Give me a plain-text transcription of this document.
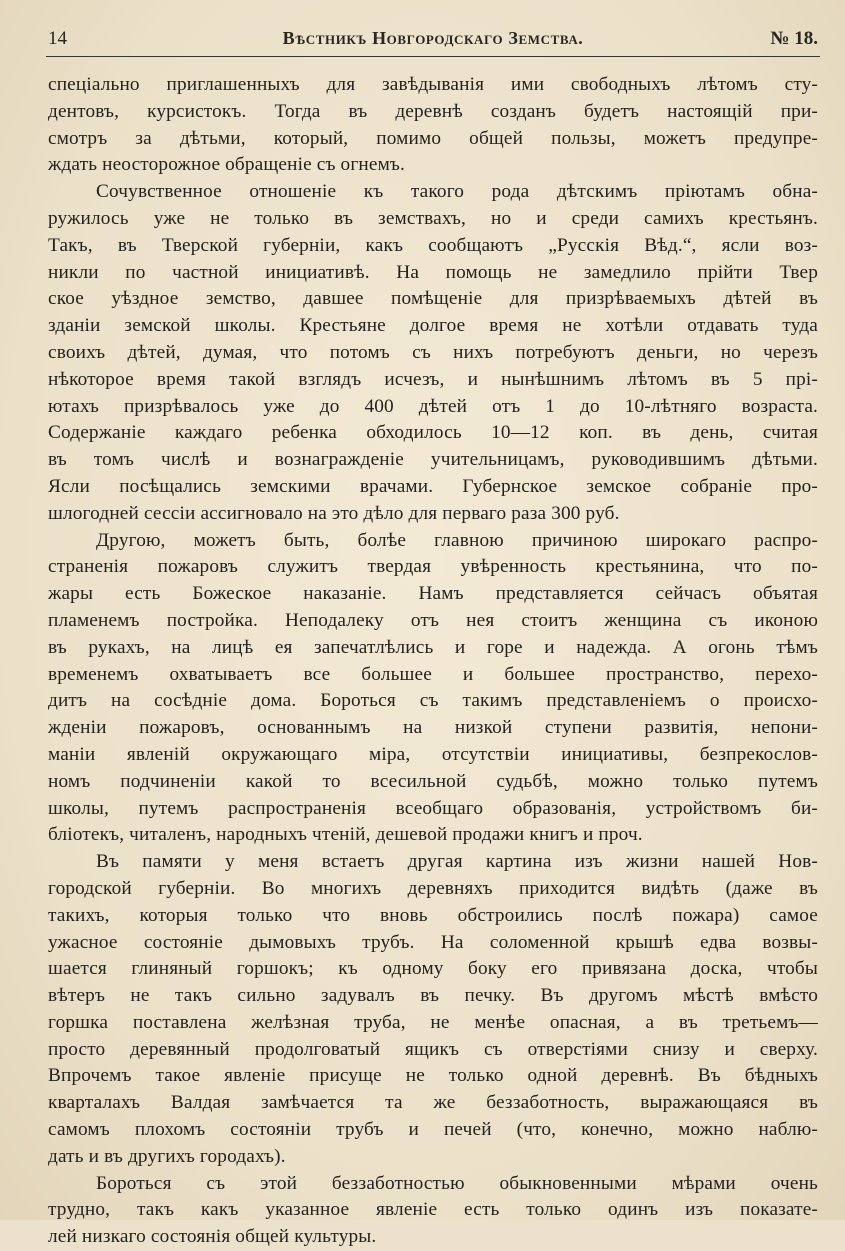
14	Вѣстникъ Новгородскаго Земства.	№ 18.
спеціально приглашенныхъ для завѣдыванія ими свободныхъ лѣтомъ сту-
дентовъ, курсистокъ. Тогда въ деревнѣ созданъ будетъ настоящій при-
смотръ за дѣтьми, который, помимо общей пользы, можетъ предупре-
ждать неосторожное обращеніе съ огнемъ.
Сочувственное отношеніе къ такого рода дѣтскимъ пріютамъ обна-
ружилось уже не только въ земствахъ, но и среди самихъ крестьянъ.
Такъ, въ Тверской губерніи, какъ сообщаютъ „Русскія Вѣд.“, ясли воз-
никли по частной инициативѣ. На помощь не замедлило прійти Твер
ское уѣздное земство, давшее помѣщеніе для призрѣваемыхъ дѣтей въ
зданіи земской школы. Крестьяне долгое время не хотѣли отдавать туда
своихъ дѣтей, думая, что потомъ съ нихъ потребуютъ деньги, но черезъ
нѣкоторое время такой взглядъ исчезъ, и нынѣшнимъ лѣтомъ въ 5 прі-
ютахъ призрѣвалось уже до 400 дѣтей отъ 1 до 10-лѣтняго возраста.
Содержаніе каждаго ребенка обходилось 10—12 коп. въ день, считая
въ томъ числѣ и вознагражденіе учительницамъ, руководившимъ дѣтьми.
Ясли посѣщались земскими врачами. Губернское земское собраніе про-
шлогодней сессіи ассигновало на это дѣло для перваго раза 300 руб.
Другою, можетъ быть, болѣе главною причиною широкаго распро-
страненія пожаровъ служитъ твердая увѣренность крестьянина, что по-
жары есть Божеское наказаніе. Намъ представляется сейчасъ объятая
пламенемъ постройка. Неподалеку отъ нея стоитъ женщина съ иконою
въ рукахъ, на лицѣ ея запечатлѣлись и горе и надежда. А огонь тѣмъ
временемъ охватываетъ все большее и большее пространство, перехо-
дитъ на сосѣдніе дома. Бороться съ такимъ представленіемъ о происхо-
жденіи пожаровъ, основаннымъ на низкой ступени развитія, непони-
маніи явленій окружающаго міра, отсутствіи инициативы, безпрекослов-
номъ подчиненіи какой то всесильной судьбѣ, можно только путемъ
школы, путемъ распространенія всеобщаго образованія, устройствомъ би-
бліотекъ, читаленъ, народныхъ чтеній, дешевой продажи книгъ и проч.
Въ памяти у меня встаетъ другая картина изъ жизни нашей Нов-
городской губерніи. Во многихъ деревняхъ приходится видѣть (даже въ
такихъ, которыя только что вновь обстроились послѣ пожара) самое
ужасное состояніе дымовыхъ трубъ. На соломенной крышѣ едва возвы-
шается глиняный горшокъ; къ одному боку его привязана доска, чтобы
вѣтеръ не такъ сильно задувалъ въ печку. Въ другомъ мѣстѣ вмѣсто
горшка поставлена желѣзная труба, не менѣе опасная, а въ третьемъ—
просто деревянный продолговатый ящикъ съ отверстіями снизу и сверху.
Впрочемъ такое явленіе присуще не только одной деревнѣ. Въ бѣдныхъ
кварталахъ Валдая замѣчается та же беззаботность, выражающаяся въ
самомъ плохомъ состояніи трубъ и печей (что, конечно, можно наблю-
дать и въ другихъ городахъ).
Бороться съ этой беззаботностью обыкновенными мѣрами очень
трудно, такъ какъ указанное явленіе есть только одинъ изъ показате-
лей низкаго состоянія общей культуры.
